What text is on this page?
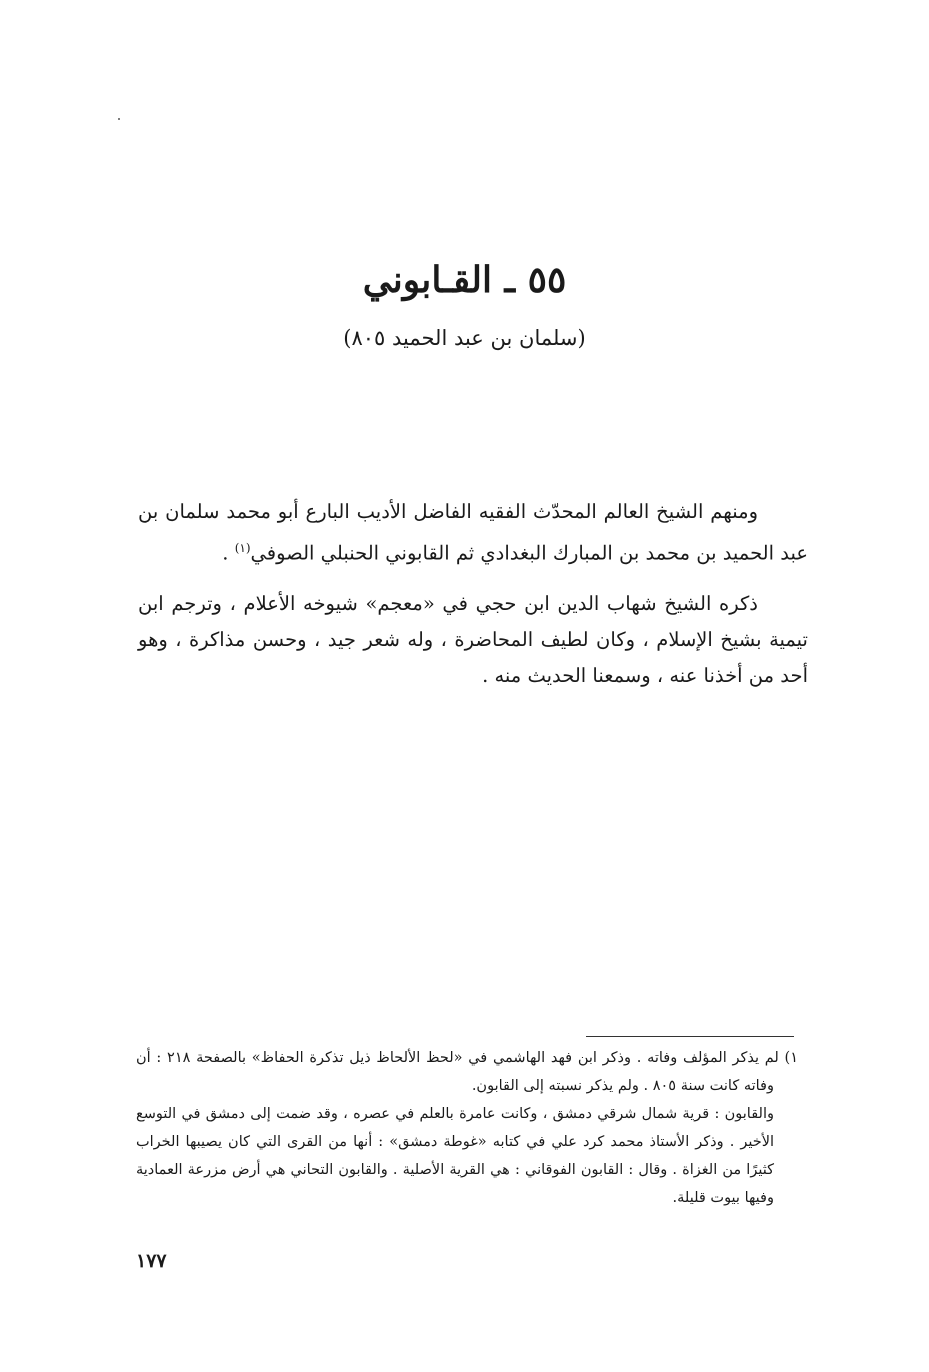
٥٥ ـ القـابوني
(سلمان بن عبد الحميد ٨٠٥)

ومنهم الشيخ العالم المحدّث الفقيه الفاضل الأديب البارع أبو محمد سلمان بن عبد الحميد بن محمد بن المبارك البغدادي ثم القابوني الحنبلي الصوفي$^{(١)}$ .

ذكره الشيخ شهاب الدين ابن حجي في «معجم» شيوخه الأعلام ، وترجم ابن تيمية بشيخ الإسلام ، وكان لطيف المحاضرة ، وله شعر جيد ، وحسن مذاكرة ، وهو أحد من أخذنا عنه ، وسمعنا الحديث منه .

١) لم يذكر المؤلف وفاته . وذكر ابن فهد الهاشمي في «لحظ الألحاظ ذيل تذكرة الحفاظ» بالصفحة ٢١٨ : أن وفاته كانت سنة ٨٠٥ . ولم يذكر نسبته إلى القابون.

والقابون : قرية شمال شرقي دمشق ، وكانت عامرة بالعلم في عصره ، وقد ضمت إلى دمشق في التوسع الأخير . وذكر الأستاذ محمد كرد علي في كتابه «غوطة دمشق» : أنها من القرى التي كان يصيبها الخراب كثيرًا من الغزاة . وقال : القابون الفوقاني : هي القرية الأصلية . والقابون التحاني هي أرض مزرعة العمادية وفيها بيوت قليلة.

١٧٧
